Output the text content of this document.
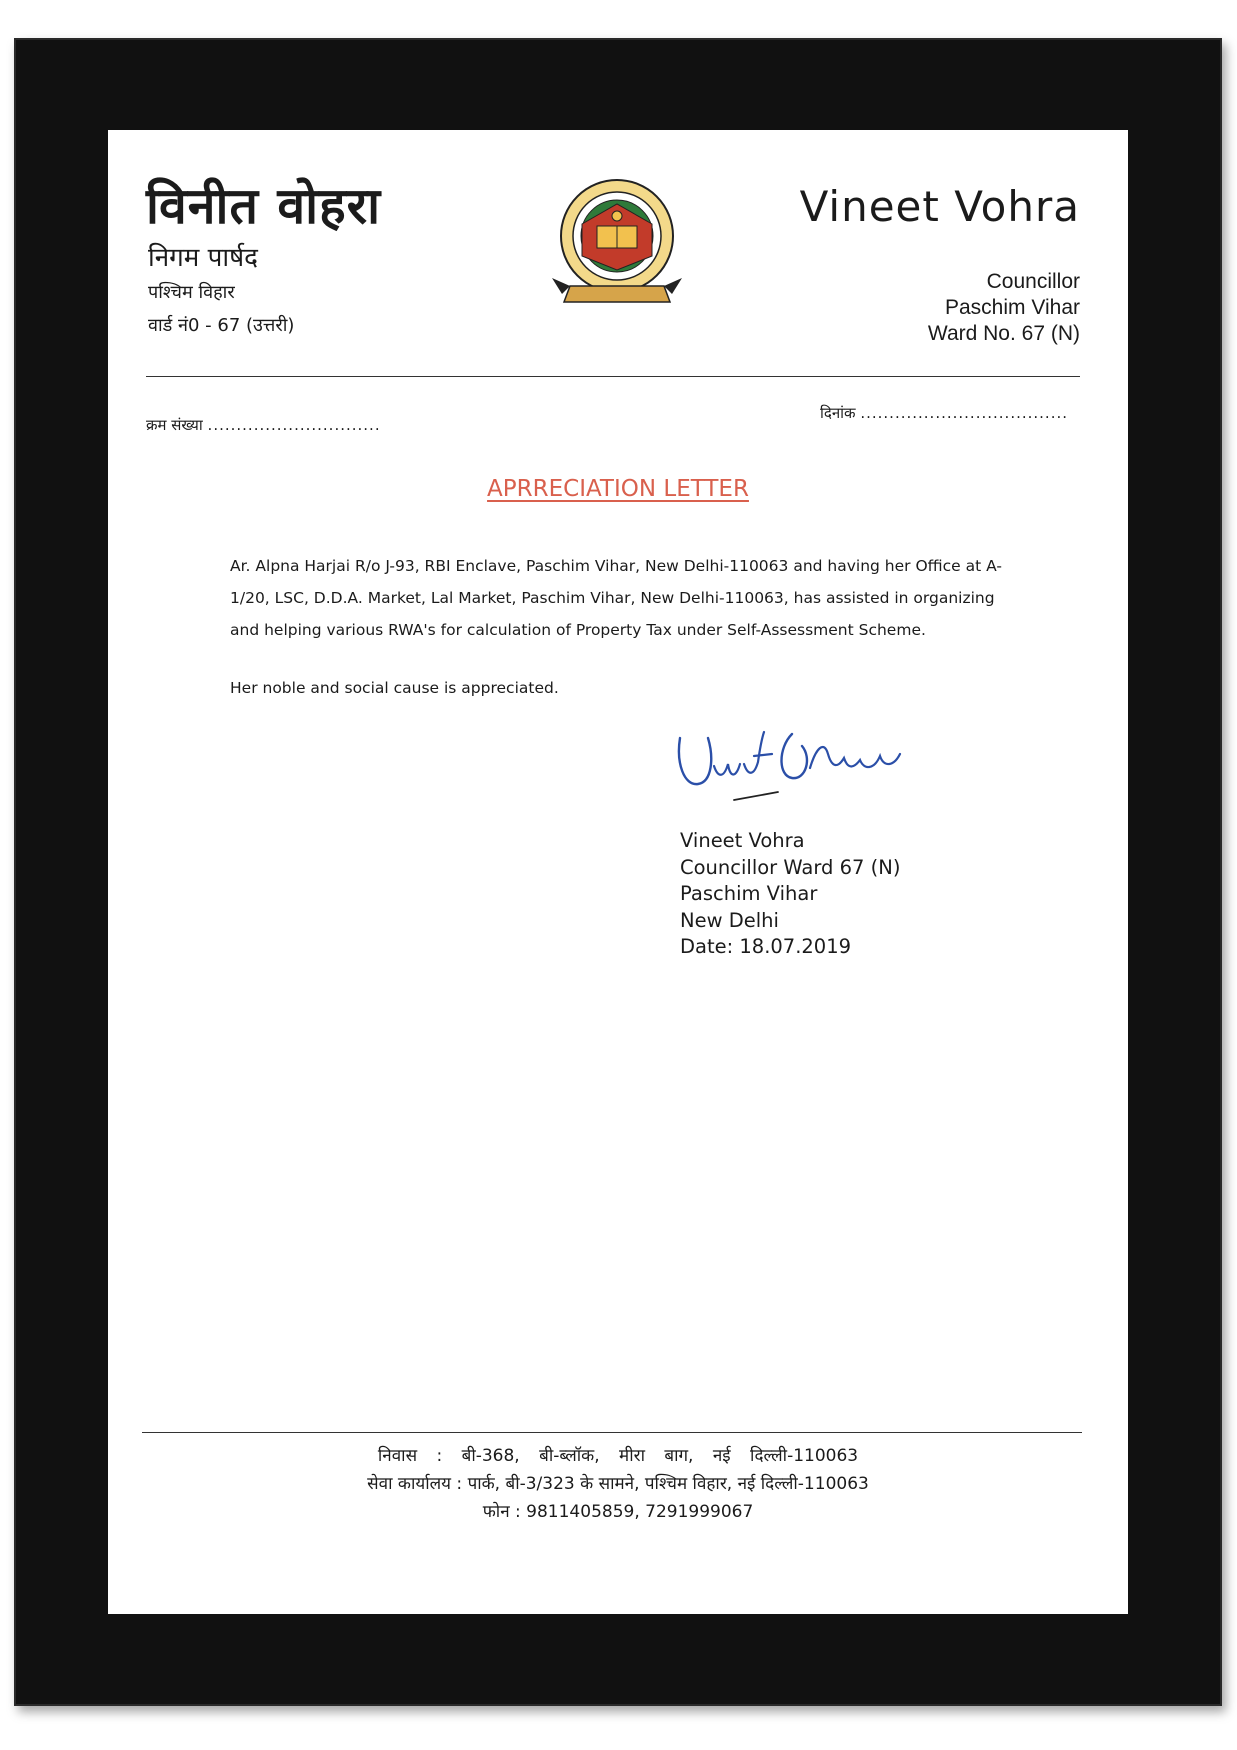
विनीत वोहरा
निगम पार्षद
पश्चिम विहार
वार्ड नं0 - 67 (उत्तरी)
Vineet Vohra
Councillor
Paschim Vihar
Ward No. 67 (N)
क्रम संख्या ..............................
दिनांक ....................................
APRRECIATION LETTER

Ar. Alpna Harjai R/o J-93, RBI Enclave, Paschim Vihar, New Delhi-110063 and having her Office at A-1/20, LSC, D.D.A. Market, Lal Market, Paschim Vihar, New Delhi-110063, has assisted in organizing and helping various RWA's for calculation of Property Tax under Self-Assessment Scheme.

Her noble and social cause is appreciated.

Vineet Vohra
Councillor Ward 67 (N)
Paschim Vihar
New Delhi
Date: 18.07.2019
निवास : बी-368, बी-ब्लॉक, मीरा बाग, नई दिल्ली-110063
सेवा कार्यालय : पार्क, बी-3/323 के सामने, पश्चिम विहार, नई दिल्ली-110063
फोन : 9811405859, 7291999067
